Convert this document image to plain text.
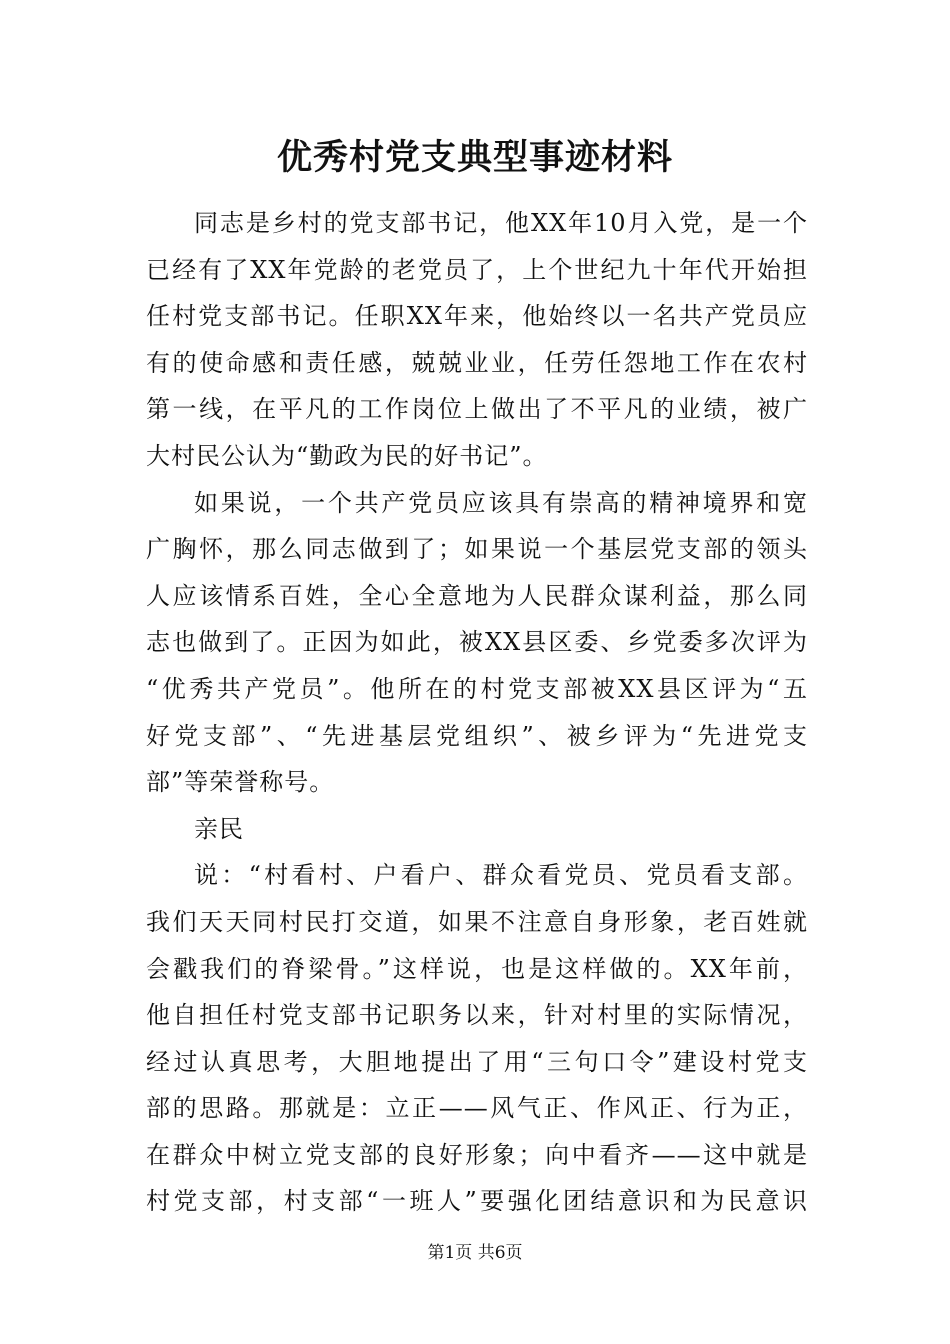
优秀村党支典型事迹材料
同志是乡村的党支部书记，他XX年10月入党，是一个
已经有了XX年党龄的老党员了，上个世纪九十年代开始担
任村党支部书记。任职XX年来，他始终以一名共产党员应
有的使命感和责任感，兢兢业业，任劳任怨地工作在农村
第一线，在平凡的工作岗位上做出了不平凡的业绩，被广
大村民公认为“勤政为民的好书记”。
如果说，一个共产党员应该具有崇高的精神境界和宽
广胸怀，那么同志做到了；如果说一个基层党支部的领头
人应该情系百姓，全心全意地为人民群众谋利益，那么同
志也做到了。正因为如此，被XX县区委、乡党委多次评为
“优秀共产党员”。他所在的村党支部被XX县区评为“五
好党支部”、“先进基层党组织”、被乡评为“先进党支
部”等荣誉称号。
亲民
说：“村看村、户看户、群众看党员、党员看支部。
我们天天同村民打交道，如果不注意自身形象，老百姓就
会戳我们的脊梁骨。”这样说，也是这样做的。XX年前，
他自担任村党支部书记职务以来，针对村里的实际情况，
经过认真思考，大胆地提出了用“三句口令”建设村党支
部的思路。那就是：立正——风气正、作风正、行为正，
在群众中树立党支部的良好形象；向中看齐——这中就是
村党支部，村支部“一班人”要强化团结意识和为民意识
第1页 共6页
